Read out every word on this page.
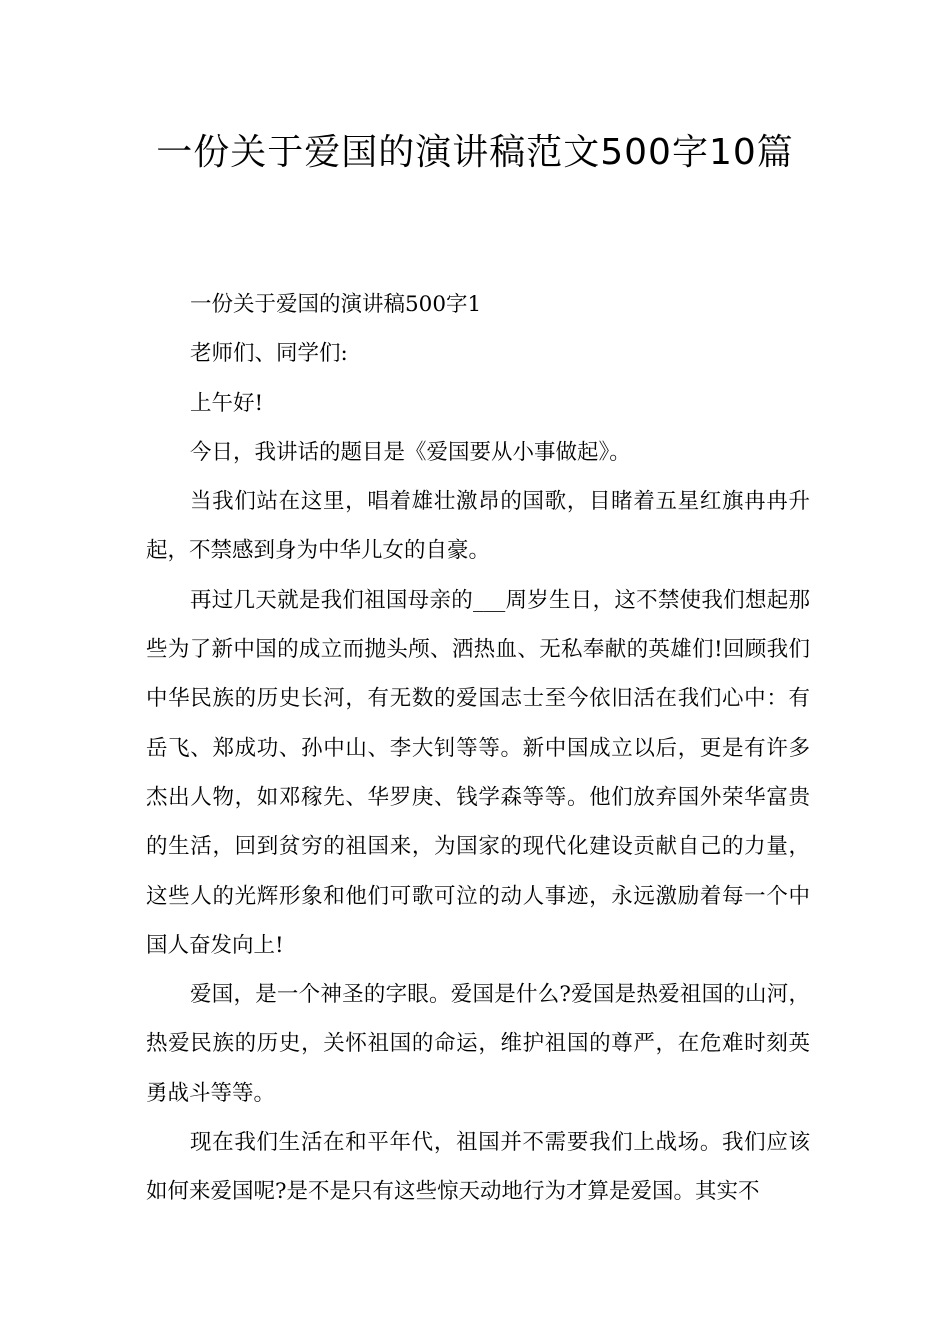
一份关于爱国的演讲稿范文500字10篇

一份关于爱国的演讲稿500字1

老师们、同学们:

上午好!

今日，我讲话的题目是《爱国要从小事做起》。

当我们站在这里，唱着雄壮激昂的国歌，目睹着五星红旗冉冉升起，不禁感到身为中华儿女的自豪。

再过几天就是我们祖国母亲的___周岁生日，这不禁使我们想起那些为了新中国的成立而抛头颅、洒热血、无私奉献的英雄们!回顾我们中华民族的历史长河，有无数的爱国志士至今依旧活在我们心中：有岳飞、郑成功、孙中山、李大钊等等。新中国成立以后，更是有许多杰出人物，如邓稼先、华罗庚、钱学森等等。他们放弃国外荣华富贵的生活，回到贫穷的祖国来，为国家的现代化建设贡献自己的力量，这些人的光辉形象和他们可歌可泣的动人事迹，永远激励着每一个中国人奋发向上!

爱国，是一个神圣的字眼。爱国是什么?爱国是热爱祖国的山河，热爱民族的历史，关怀祖国的命运，维护祖国的尊严，在危难时刻英勇战斗等等。

现在我们生活在和平年代，祖国并不需要我们上战场。我们应该如何来爱国呢?是不是只有这些惊天动地行为才算是爱国。其实不
